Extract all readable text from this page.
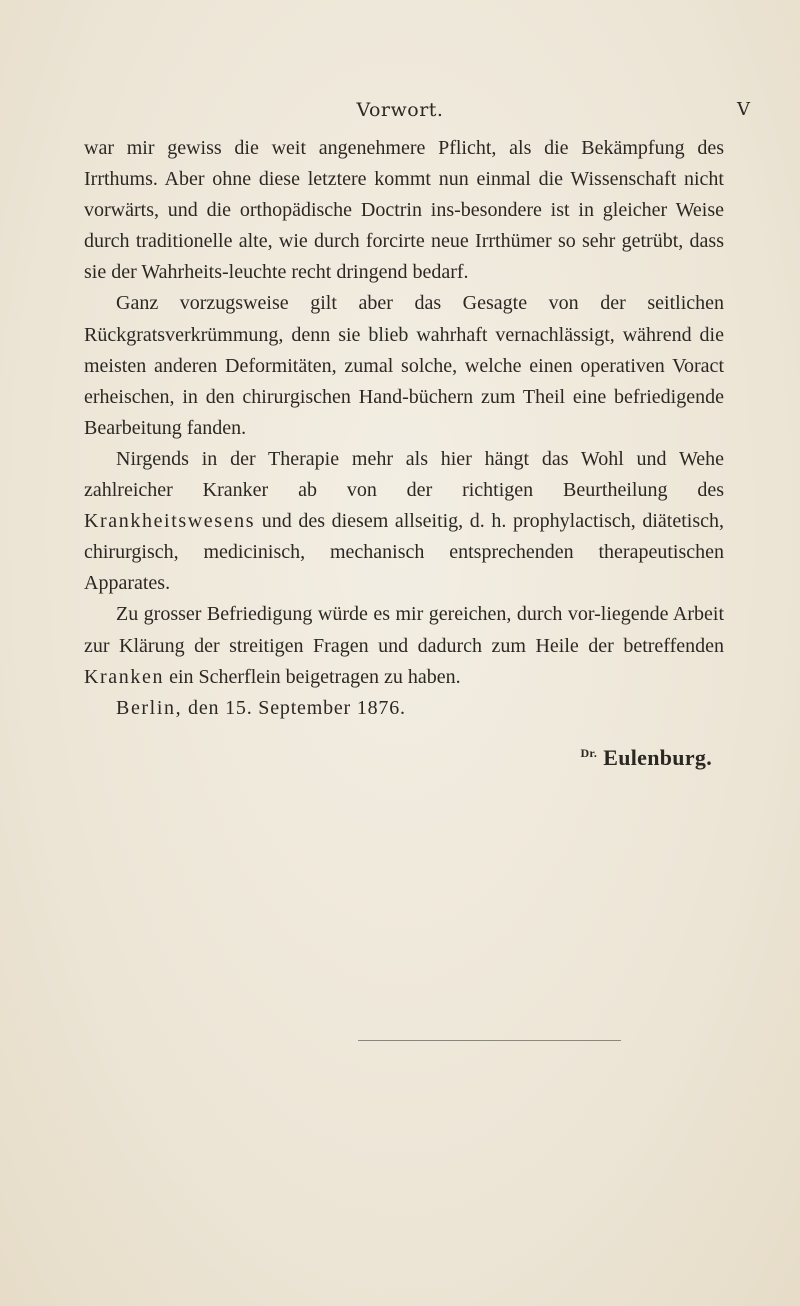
Vorwort.	V

war mir gewiss die weit angenehmere Pflicht, als die Bekämpfung des Irrthums. Aber ohne diese letztere kommt nun einmal die Wissenschaft nicht vorwärts, und die orthopädische Doctrin ins-besondere ist in gleicher Weise durch traditionelle alte, wie durch forcirte neue Irrthümer so sehr getrübt, dass sie der Wahrheits-leuchte recht dringend bedarf.

Ganz vorzugsweise gilt aber das Gesagte von der seitlichen Rückgratsverkrümmung, denn sie blieb wahrhaft vernachlässigt, während die meisten anderen Deformitäten, zumal solche, welche einen operativen Voract erheischen, in den chirurgischen Hand-büchern zum Theil eine befriedigende Bearbeitung fanden.

Nirgends in der Therapie mehr als hier hängt das Wohl und Wehe zahlreicher Kranker ab von der richtigen Beurtheilung des Krankheitswesens und des diesem allseitig, d. h. prophylactisch, diätetisch, chirurgisch, medicinisch, mechanisch entsprechenden therapeutischen Apparates.

Zu grosser Befriedigung würde es mir gereichen, durch vor-liegende Arbeit zur Klärung der streitigen Fragen und dadurch zum Heile der betreffenden Kranken ein Scherflein beigetragen zu haben.

Berlin, den 15. September 1876.

$^{Dr.}$ Eulenburg.
